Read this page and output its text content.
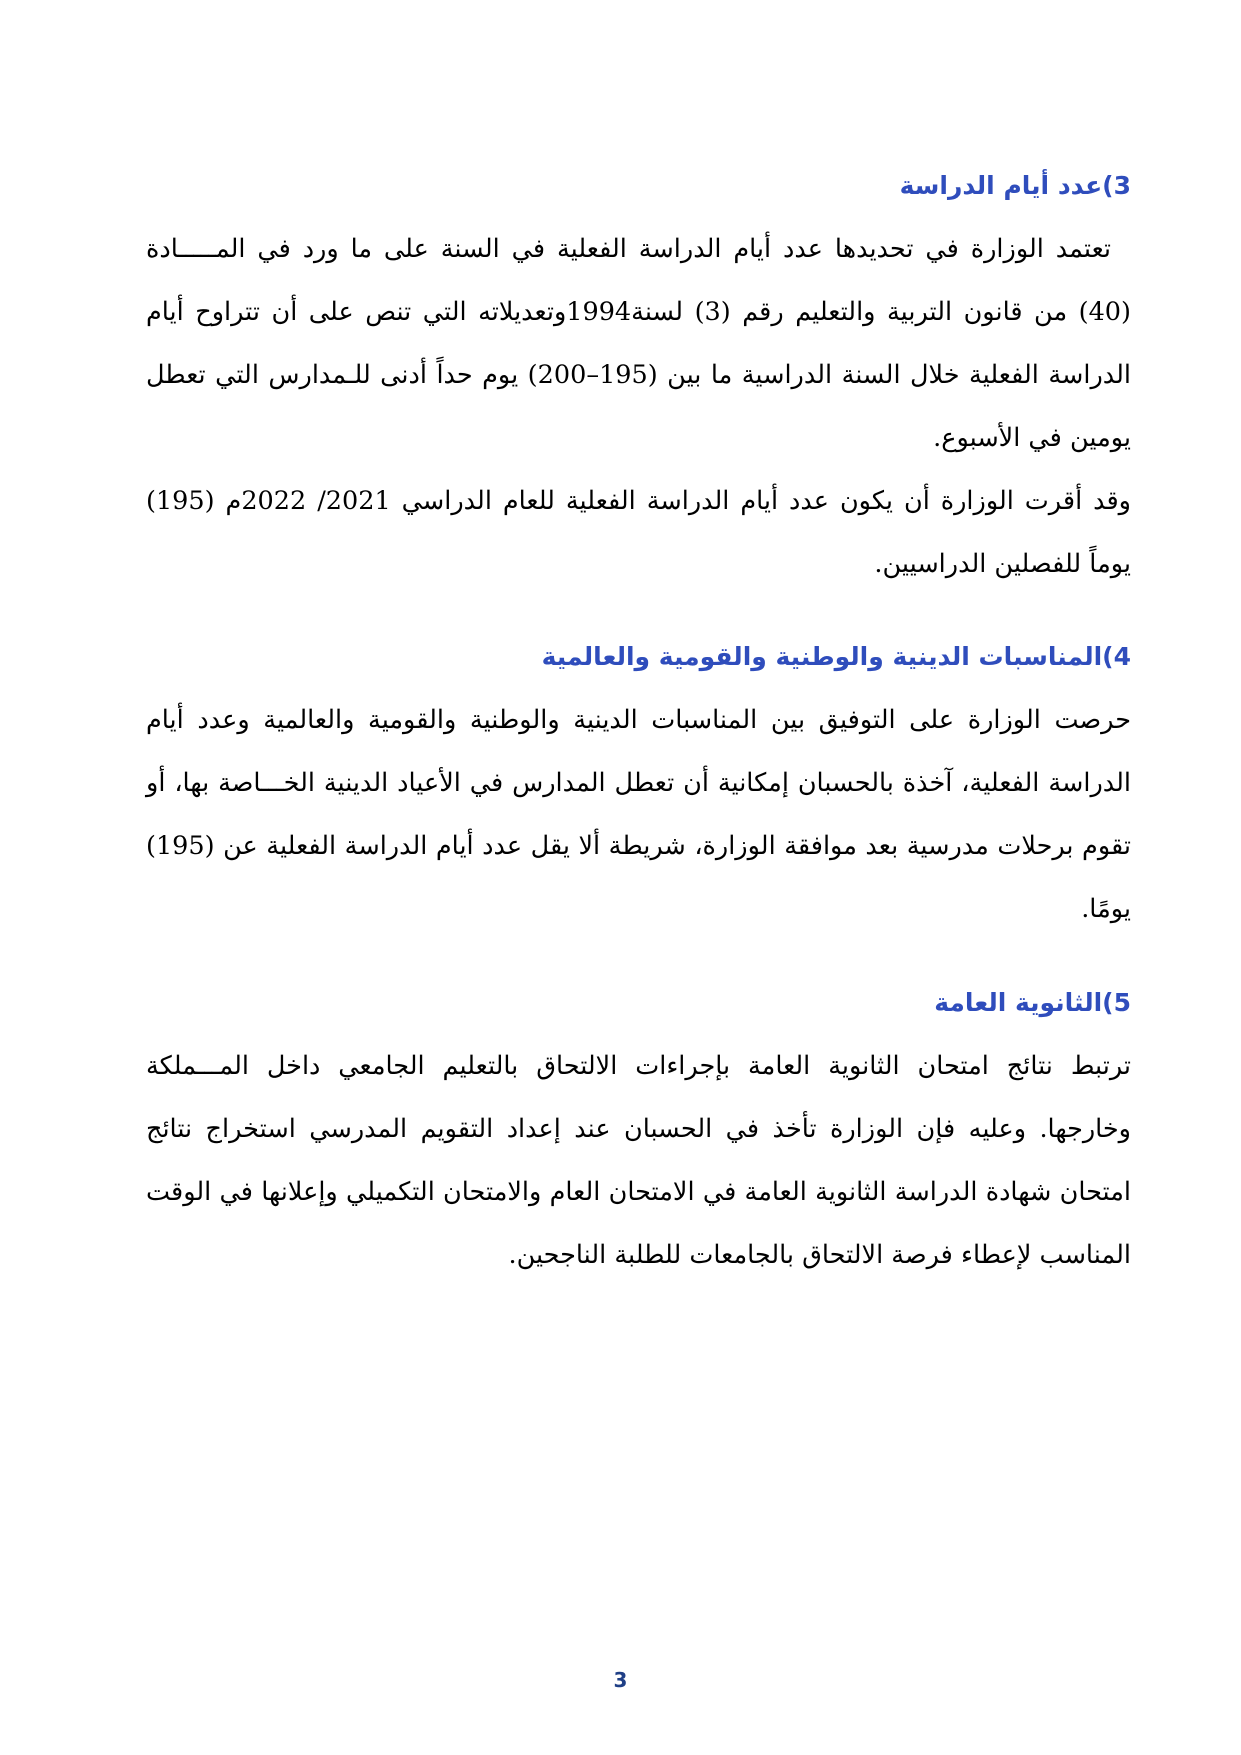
3)عدد أيام الدراسة

تعتمد الوزارة في تحديدها عدد أيام الدراسة الفعلية في السنة على ما ورد في المـــــادة (40) من قانون التربية والتعليم رقم (3) لسنة1994وتعديلاته التي تنص على أن تتراوح أيام الدراسة الفعلية خلال السنة الدراسية ما بين (195–200) يوم حداً أدنى للـمدارس التي تعطل يومين في الأسبوع.

وقد أقرت الوزارة أن يكون عدد أيام الدراسة الفعلية للعام الدراسي 2021/ 2022م (195) يوماً للفصلين الدراسيين.

4)المناسبات الدينية والوطنية والقومية والعالمية

حرصت الوزارة على التوفيق بين المناسبات الدينية والوطنية والقومية والعالمية وعدد أيام الدراسة الفعلية، آخذة بالحسبان إمكانية أن تعطل المدارس في الأعياد الدينية الخـــاصة بها، أو تقوم برحلات مدرسية بعد موافقة الوزارة، شريطة ألا يقل عدد أيام الدراسة الفعلية عن (195) يومًا.

5)الثانوية العامة

ترتبط نتائج امتحان الثانوية العامة بإجراءات الالتحاق بالتعليم الجامعي داخل المـــملكة وخارجها. وعليه فإن الوزارة تأخذ في الحسبان عند إعداد التقويم المدرسي استخراج نتائج امتحان شهادة الدراسة الثانوية العامة في الامتحان العام والامتحان التكميلي وإعلانها في الوقت المناسب لإعطاء فرصة الالتحاق بالجامعات للطلبة الناجحين.

3
